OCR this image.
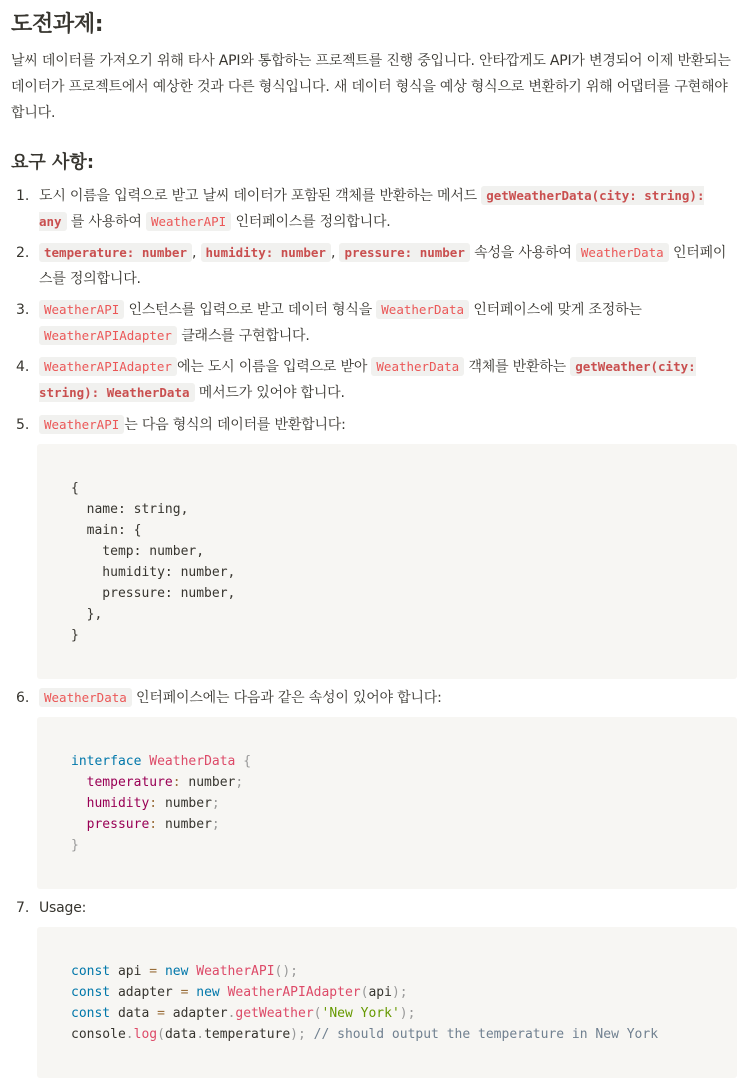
도전과제:

날씨 데이터를 가져오기 위해 타사 API와 통합하는 프로젝트를 진행 중입니다. 안타깝게도 API가 변경되어 이제 반환되는 데이터가 프로젝트에서 예상한 것과 다른 형식입니다. 새 데이터 형식을 예상 형식으로 변환하기 위해 어댑터를 구현해야 합니다.

요구 사항:
1. 도시 이름을 입력으로 받고 날씨 데이터가 포함된 객체를 반환하는 메서드 getWeatherData(city: string): any 를 사용하여 WeatherAPI 인터페이스를 정의합니다.
2.	temperature: number , humidity: number , pressure: number 속성을 사용하여 WeatherData 인터페이스를 정의합니다.
3.	WeatherAPI 인스턴스를 입력으로 받고 데이터 형식을 WeatherData 인터페이스에 맞게 조정하는 WeatherAPIAdapter 클래스를 구현합니다.
4.	WeatherAPIAdapter 에는 도시 이름을 입력으로 받아 WeatherData 객체를 반환하는 getWeather(city: string): WeatherData 메서드가 있어야 합니다.
5.	WeatherAPI 는 다음 형식의 데이터를 반환합니다:
{
name: string,
main: {
temp: number,
humidity: number,
pressure: number,
},
}
6.	WeatherData 인터페이스에는 다음과 같은 속성이 있어야 합니다:
interface WeatherData {
temperature: number;
humidity: number;
pressure: number;
}
7. Usage:
const api = new WeatherAPI();
const adapter = new WeatherAPIAdapter(api);
const data = adapter.getWeather('New York');
console.log(data.temperature); // should output the temperature in New York
